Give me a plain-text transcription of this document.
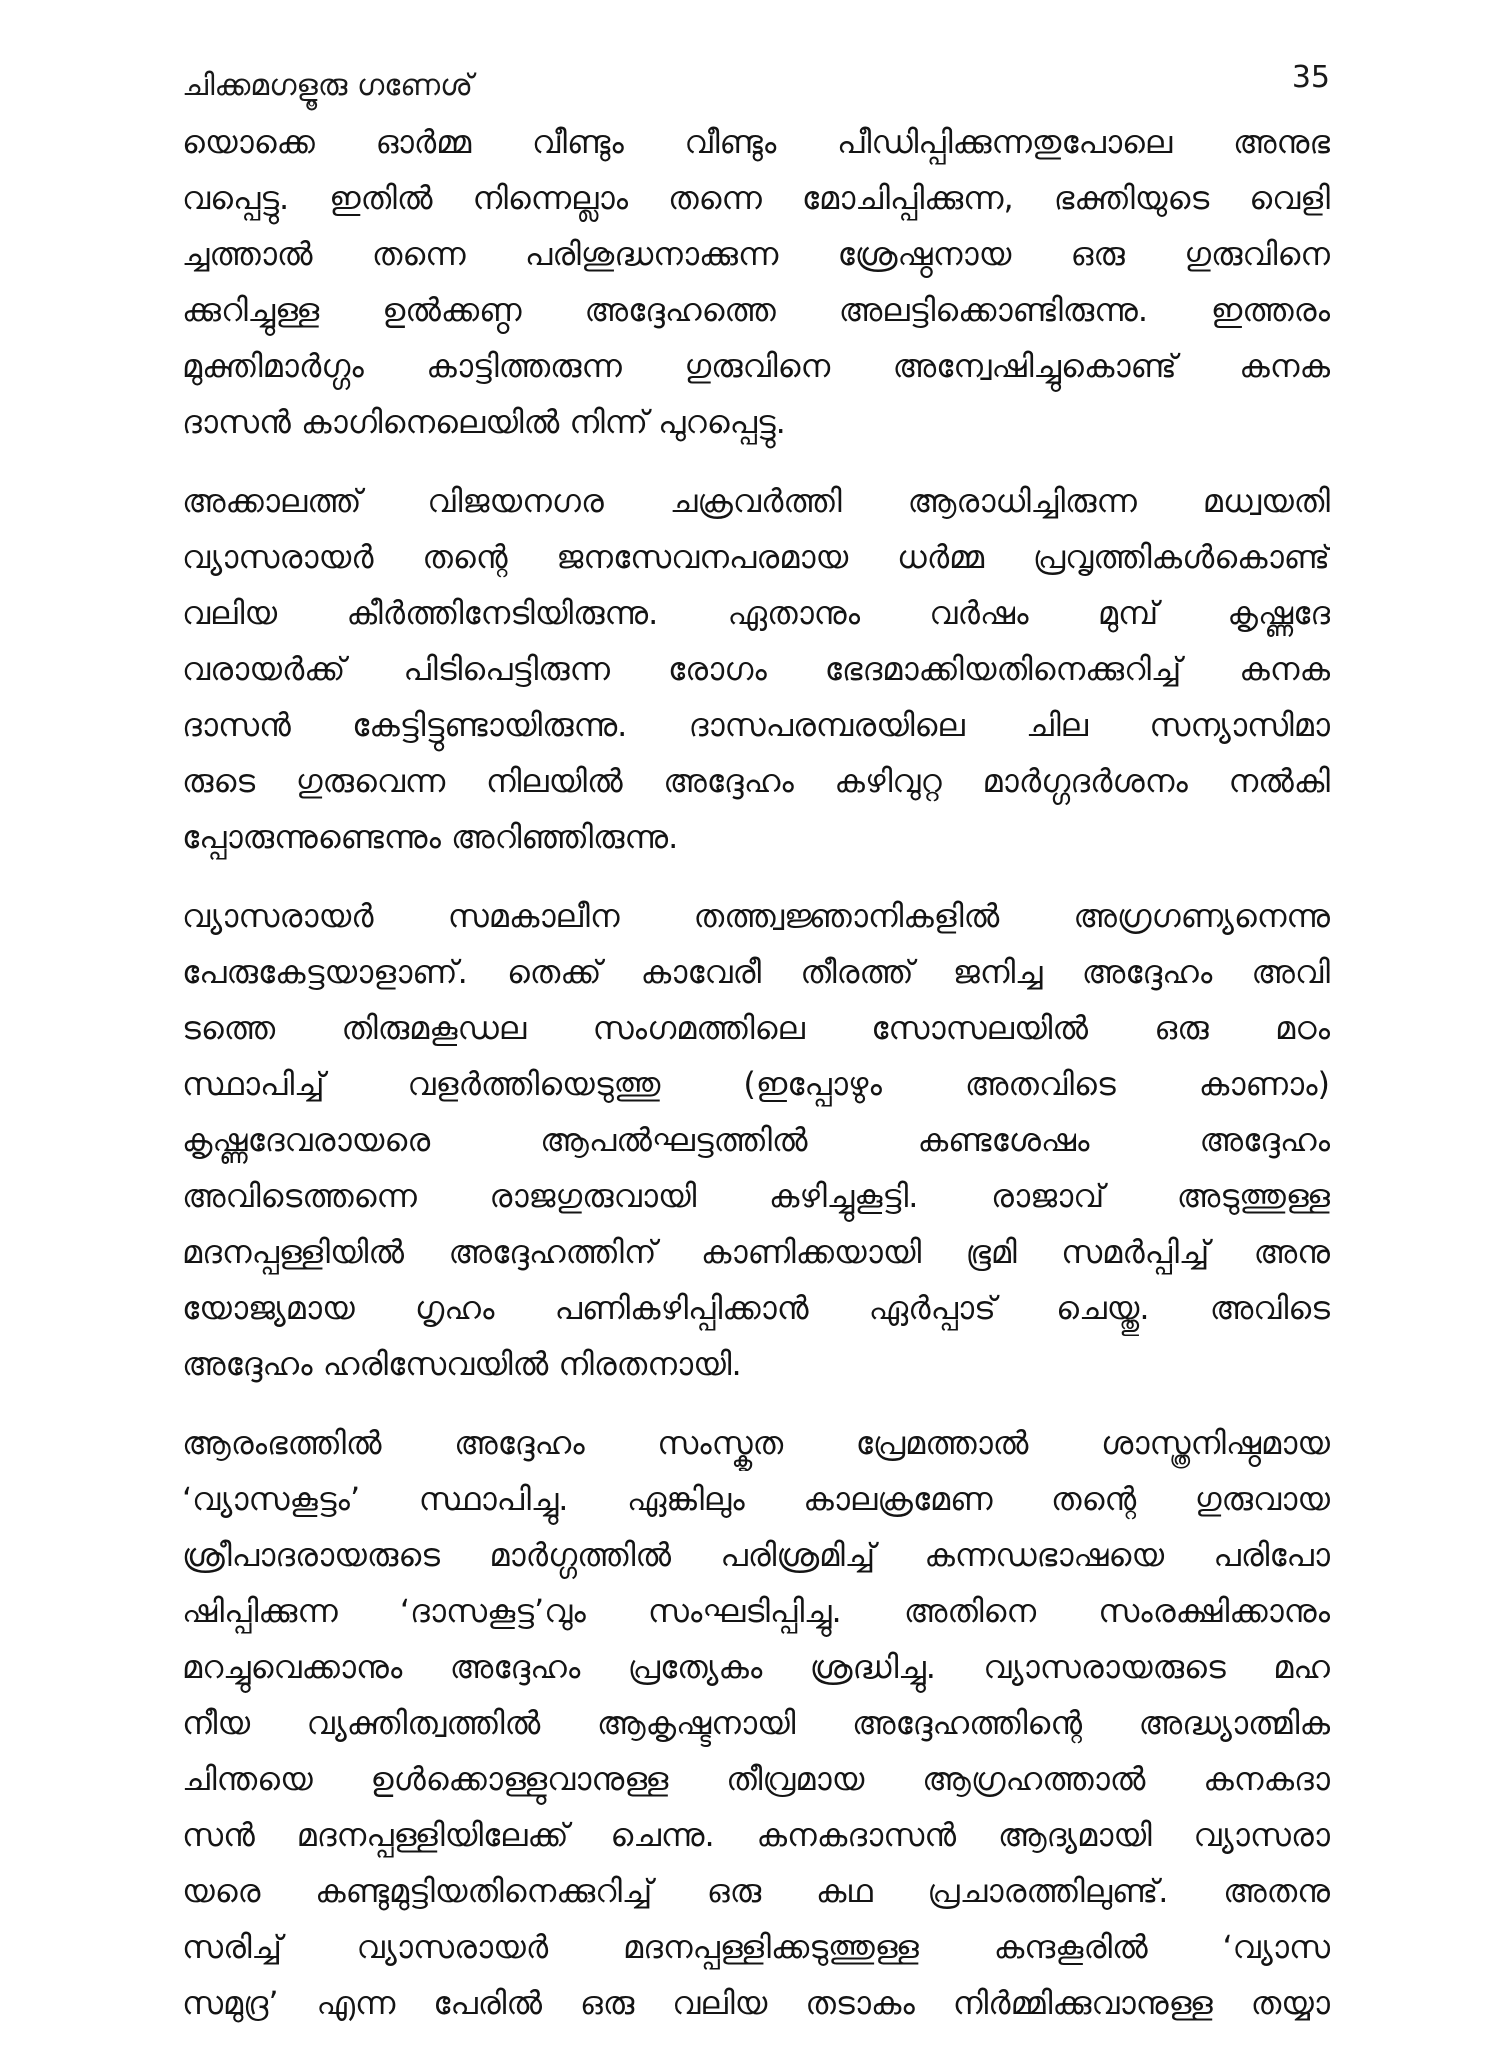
ചിക്കമഗളൂരു ഗണേശ്	35
യൊക്കെ ഓർമ്മ വീണ്ടും വീണ്ടും പീഡിപ്പിക്കുന്നതുപോലെ അനുഭ
വപ്പെട്ടു. ഇതിൽ നിന്നെല്ലാം തന്നെ മോചിപ്പിക്കുന്ന, ഭക്തിയുടെ വെളി
ച്ചത്താൽ തന്നെ പരിശുദ്ധനാക്കുന്ന ശ്രേഷ്ഠനായ ഒരു ഗുരുവിനെ
ക്കുറിച്ചുള്ള ഉൽക്കണ്ഠ അദ്ദേഹത്തെ അലട്ടിക്കൊണ്ടിരുന്നു. ഇത്തരം
മുക്തിമാർഗ്ഗം കാട്ടിത്തരുന്ന ഗുരുവിനെ അന്വേഷിച്ചുകൊണ്ട് കനക
ദാസൻ കാഗിനെലെയിൽ നിന്ന് പുറപ്പെട്ടു.
അക്കാലത്ത് വിജയനഗര ചക്രവർത്തി ആരാധിച്ചിരുന്ന മധ്വയതി
വ്യാസരായർ തന്റെ ജനസേവനപരമായ ധർമ്മ പ്രവൃത്തികൾകൊണ്ട്
വലിയ കീർത്തിനേടിയിരുന്നു. ഏതാനും വർഷം മുമ്പ് കൃഷ്ണദേ
വരായർക്ക് പിടിപെട്ടിരുന്ന രോഗം ഭേദമാക്കിയതിനെക്കുറിച്ച് കനക
ദാസൻ കേട്ടിട്ടുണ്ടായിരുന്നു. ദാസപരമ്പരയിലെ ചില സന്യാസിമാ
രുടെ ഗുരുവെന്ന നിലയിൽ അദ്ദേഹം കഴിവുറ്റ മാർഗ്ഗദർശനം നൽകി
പ്പോരുന്നുണ്ടെന്നും അറിഞ്ഞിരുന്നു.
വ്യാസരായർ സമകാലീന തത്ത്വജ്ഞാനികളിൽ അഗ്രഗണ്യനെന്നു
പേരുകേട്ടയാളാണ്. തെക്ക് കാവേരീ തീരത്ത് ജനിച്ച അദ്ദേഹം അവി
ടത്തെ തിരുമകൂഡല സംഗമത്തിലെ സോസലയിൽ ഒരു മഠം
സ്ഥാപിച്ച് വളർത്തിയെടുത്തു (ഇപ്പോഴും അതവിടെ കാണാം)
കൃഷ്ണദേവരായരെ ആപൽഘട്ടത്തിൽ കണ്ടശേഷം അദ്ദേഹം
അവിടെത്തന്നെ രാജഗുരുവായി കഴിച്ചുകൂട്ടി. രാജാവ് അടുത്തുള്ള
മദനപ്പള്ളിയിൽ അദ്ദേഹത്തിന് കാണിക്കയായി ഭൂമി സമർപ്പിച്ച് അനു
യോജ്യമായ ഗൃഹം പണികഴിപ്പിക്കാൻ ഏർപ്പാട് ചെയ്തു. അവിടെ
അദ്ദേഹം ഹരിസേവയിൽ നിരതനായി.
ആരംഭത്തിൽ അദ്ദേഹം സംസ്കൃത പ്രേമത്താൽ ശാസ്ത്രനിഷ്ഠമായ
‘വ്യാസകൂട്ടം’ സ്ഥാപിച്ചു. ഏങ്കിലും കാലക്രമേണ തന്റെ ഗുരുവായ
ശ്രീപാദരായരുടെ മാർഗ്ഗത്തിൽ പരിശ്രമിച്ച് കന്നഡഭാഷയെ പരിപോ
ഷിപ്പിക്കുന്ന ‘ദാസകൂട്ട’വും സംഘടിപ്പിച്ചു. അതിനെ സംരക്ഷിക്കാനും
മറച്ചുവെക്കാനും അദ്ദേഹം പ്രത്യേകം ശ്രദ്ധിച്ചു. വ്യാസരായരുടെ മഹ
നീയ വ്യക്തിത്വത്തിൽ ആകൃഷ്ടനായി അദ്ദേഹത്തിന്റെ അദ്ധ്യാത്മിക
ചിന്തയെ ഉൾക്കൊള്ളുവാനുള്ള തീവ്രമായ ആഗ്രഹത്താൽ കനകദാ
സൻ മദനപ്പള്ളിയിലേക്ക് ചെന്നു. കനകദാസൻ ആദ്യമായി വ്യാസരാ
യരെ കണ്ടുമുട്ടിയതിനെക്കുറിച്ച് ഒരു കഥ പ്രചാരത്തിലുണ്ട്. അതനു
സരിച്ച് വ്യാസരായർ മദനപ്പള്ളിക്കടുത്തുള്ള കന്ദകൂരിൽ ‘വ്യാസ
സമുദ്ര’ എന്ന പേരിൽ ഒരു വലിയ തടാകം നിർമ്മിക്കുവാനുള്ള തയ്യാ
